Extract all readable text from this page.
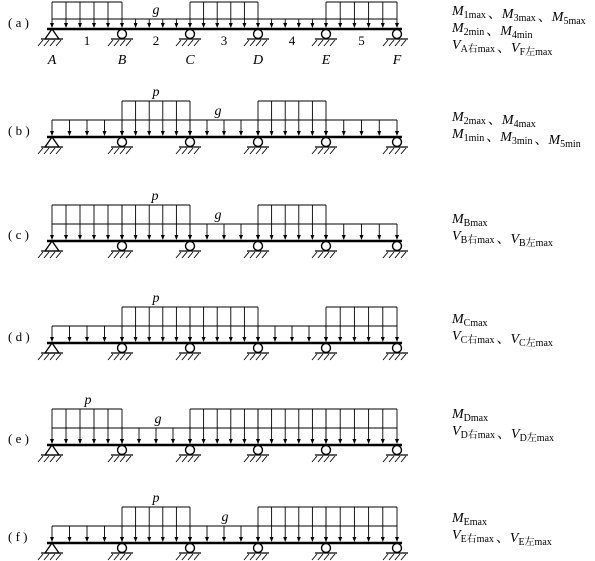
g
( a )
1	2	3	4	5
A	B	C	D	E	F
$M_{1max}$ 、$M_{3max}$ 、$M_{5max}$
$M_{2min}$ 、$M_{4min}$
$V_{A右max}$ 、$V_{F左max}$
p
g
( b )
$M_{2max}$ 、$M_{4max}$
$M_{1min}$ 、$M_{3min}$ 、$M_{5min}$
p
g
( c )
$M_{Bmax}$
$V_{B右max}$ 、$V_{B左max}$
p
( d )
$M_{Cmax}$
$V_{C右max}$ 、$V_{C左max}$
p
g
( e )
$M_{Dmax}$
$V_{D右max}$ 、$V_{D左max}$
p
g
( f )
$M_{Emax}$
$V_{E右max}$ 、$V_{E左max}$
